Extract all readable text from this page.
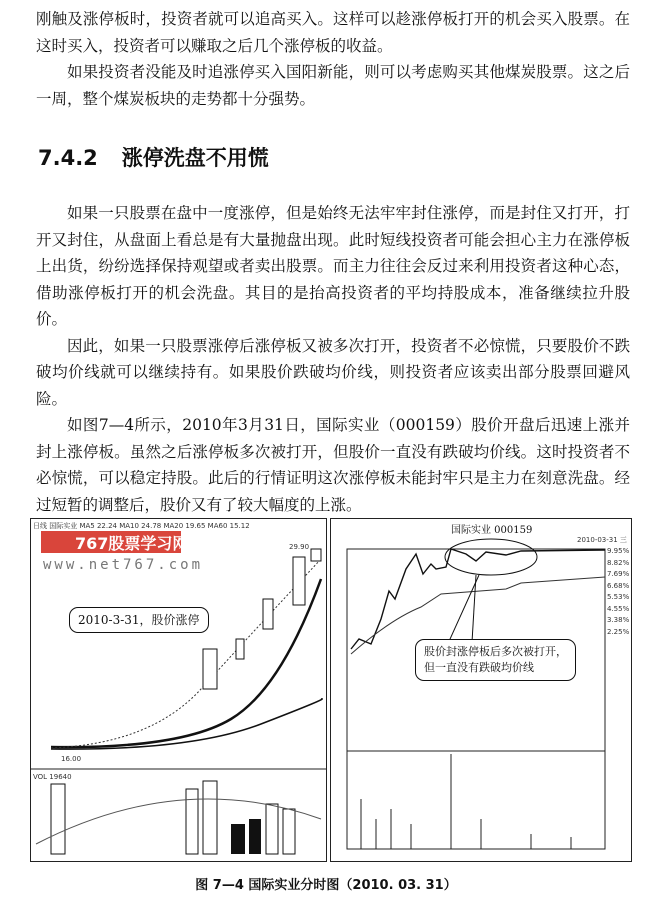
刚触及涨停板时，投资者就可以追高买入。这样可以趁涨停板打开的机会买入股票。在这时买入，投资者可以赚取之后几个涨停板的收益。

如果投资者没能及时追涨停买入国阳新能，则可以考虑购买其他煤炭股票。这之后一周，整个煤炭板块的走势都十分强势。

7.4.2 涨停洗盘不用慌

如果一只股票在盘中一度涨停，但是始终无法牢牢封住涨停，而是封住又打开，打开又封住，从盘面上看总是有大量抛盘出现。此时短线投资者可能会担心主力在涨停板上出货，纷纷选择保持观望或者卖出股票。而主力往往会反过来利用投资者这种心态，借助涨停板打开的机会洗盘。其目的是抬高投资者的平均持股成本，准备继续拉升股价。

因此，如果一只股票涨停后涨停板又被多次打开，投资者不必惊慌，只要股价不跌破均价线就可以继续持有。如果股价跌破均价线，则投资者应该卖出部分股票回避风险。

如图7—4所示，2010年3月31日，国际实业（000159）股价开盘后迅速上涨并封上涨停板。虽然之后涨停板多次被打开，但股价一直没有跌破均价线。这时投资者不必惊慌，可以稳定持股。此后的行情证明这次涨停板未能封牢只是主力在刻意洗盘。经过短暂的调整后，股价又有了较大幅度的上涨。

日线 国际实业 MA5 22.24 MA10 24.78 MA20 19.65 MA60 15.12
767股票学习网
www.net767.com
29.90
16.00
2010-3-31，股价涨停
VOL 19640
国际实业 000159
2010-03-31 三
9.95%
8.82%
7.69%
6.68%
5.53%
4.55%
3.38%
2.25%
股价封涨停板后多次被打开，
但一直没有跌破均价线
图 7—4 国际实业分时图（2010. 03. 31）
